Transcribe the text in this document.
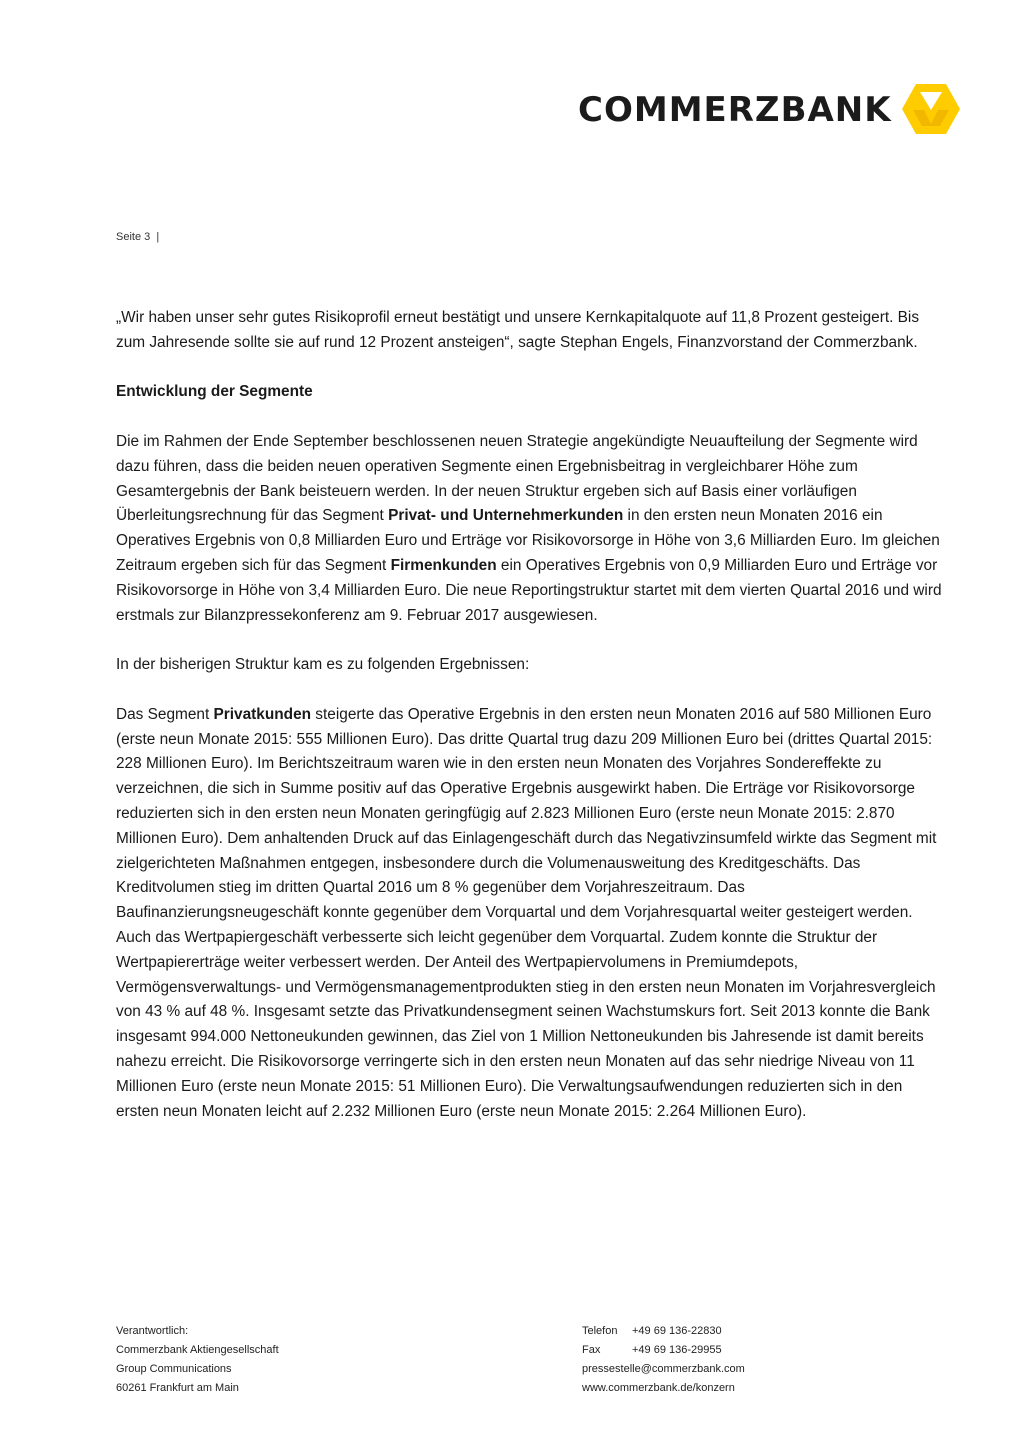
COMMERZBANK
Seite 3 |

„Wir haben unser sehr gutes Risikoprofil erneut bestätigt und unsere Kernkapitalquote auf 11,8 Prozent gesteigert. Bis zum Jahresende sollte sie auf rund 12 Prozent ansteigen“, sagte Stephan Engels, Finanzvorstand der Commerzbank.

Entwicklung der Segmente

Die im Rahmen der Ende September beschlossenen neuen Strategie angekündigte Neuaufteilung der Segmente wird dazu führen, dass die beiden neuen operativen Segmente einen Ergebnisbeitrag in vergleichbarer Höhe zum Gesamtergebnis der Bank beisteuern werden. In der neuen Struktur ergeben sich auf Basis einer vorläufigen Überleitungsrechnung für das Segment Privat- und Unternehmerkunden in den ersten neun Monaten 2016 ein Operatives Ergebnis von 0,8 Milliarden Euro und Erträge vor Risikovorsorge in Höhe von 3,6 Milliarden Euro. Im gleichen Zeitraum ergeben sich für das Segment Firmenkunden ein Operatives Ergebnis von 0,9 Milliarden Euro und Erträge vor Risikovorsorge in Höhe von 3,4 Milliarden Euro. Die neue Reportingstruktur startet mit dem vierten Quartal 2016 und wird erstmals zur Bilanzpressekonferenz am 9. Februar 2017 ausgewiesen.

In der bisherigen Struktur kam es zu folgenden Ergebnissen:

Das Segment Privatkunden steigerte das Operative Ergebnis in den ersten neun Monaten 2016 auf 580 Millionen Euro (erste neun Monate 2015: 555 Millionen Euro). Das dritte Quartal trug dazu 209 Millionen Euro bei (drittes Quartal 2015: 228 Millionen Euro). Im Berichtszeitraum waren wie in den ersten neun Monaten des Vorjahres Sondereffekte zu verzeichnen, die sich in Summe positiv auf das Operative Ergebnis ausgewirkt haben. Die Erträge vor Risikovorsorge reduzierten sich in den ersten neun Monaten geringfügig auf 2.823 Millionen Euro (erste neun Monate 2015: 2.870 Millionen Euro). Dem anhaltenden Druck auf das Einlagengeschäft durch das Negativzinsumfeld wirkte das Segment mit zielgerichteten Maßnahmen entgegen, insbesondere durch die Volumenausweitung des Kreditgeschäfts. Das Kreditvolumen stieg im dritten Quartal 2016 um 8 % gegenüber dem Vorjahreszeitraum. Das Baufinanzierungsneugeschäft konnte gegenüber dem Vorquartal und dem Vorjahresquartal weiter gesteigert werden. Auch das Wertpapiergeschäft verbesserte sich leicht gegenüber dem Vorquartal. Zudem konnte die Struktur der Wertpapiererträge weiter verbessert werden. Der Anteil des Wertpapiervolumens in Premiumdepots, Vermögensverwaltungs- und Vermögensmanagementprodukten stieg in den ersten neun Monaten im Vorjahresvergleich von 43 % auf 48 %. Insgesamt setzte das Privatkundensegment seinen Wachstumskurs fort. Seit 2013 konnte die Bank insgesamt 994.000 Nettoneukunden gewinnen, das Ziel von 1 Million Nettoneukunden bis Jahresende ist damit bereits nahezu erreicht. Die Risikovorsorge verringerte sich in den ersten neun Monaten auf das sehr niedrige Niveau von 11 Millionen Euro (erste neun Monate 2015: 51 Millionen Euro). Die Verwaltungsaufwendungen reduzierten sich in den ersten neun Monaten leicht auf 2.232 Millionen Euro (erste neun Monate 2015: 2.264 Millionen Euro).

Verantwortlich:
Commerzbank Aktiengesellschaft
Group Communications
60261 Frankfurt am Main
Telefon +49 69 136-22830
Fax	+49 69 136-29955
pressestelle@commerzbank.com
www.commerzbank.de/konzern
